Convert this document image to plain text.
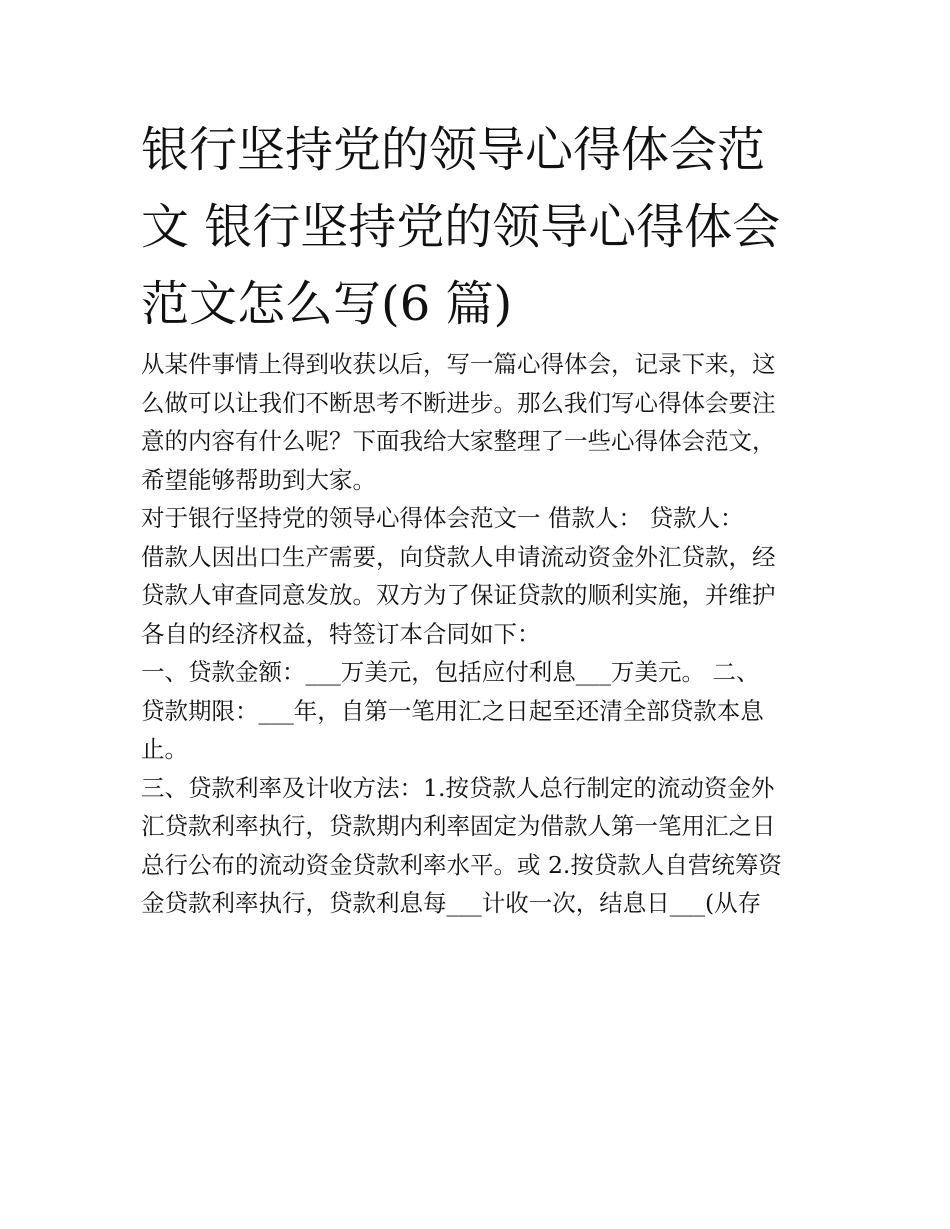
银行坚持党的领导心得体会范
文 银行坚持党的领导心得体会
范文怎么写(6 篇)

从某件事情上得到收获以后，写一篇心得体会，记录下来，这
么做可以让我们不断思考不断进步。那么我们写心得体会要注
意的内容有什么呢？下面我给大家整理了一些心得体会范文，
希望能够帮助到大家。

对于银行坚持党的领导心得体会范文一 借款人： 贷款人：

借款人因出口生产需要，向贷款人申请流动资金外汇贷款，经
贷款人审查同意发放。双方为了保证贷款的顺利实施，并维护
各自的经济权益，特签订本合同如下：

一、贷款金额：___万美元，包括应付利息___万美元。 二、
贷款期限：___年，自第一笔用汇之日起至还清全部贷款本息
止。

三、贷款利率及计收方法：1.按贷款人总行制定的流动资金外
汇贷款利率执行，贷款期内利率固定为借款人第一笔用汇之日
总行公布的流动资金贷款利率水平。或 2.按贷款人自营统筹资
金贷款利率执行，贷款利息每___计收一次，结息日___(从存
